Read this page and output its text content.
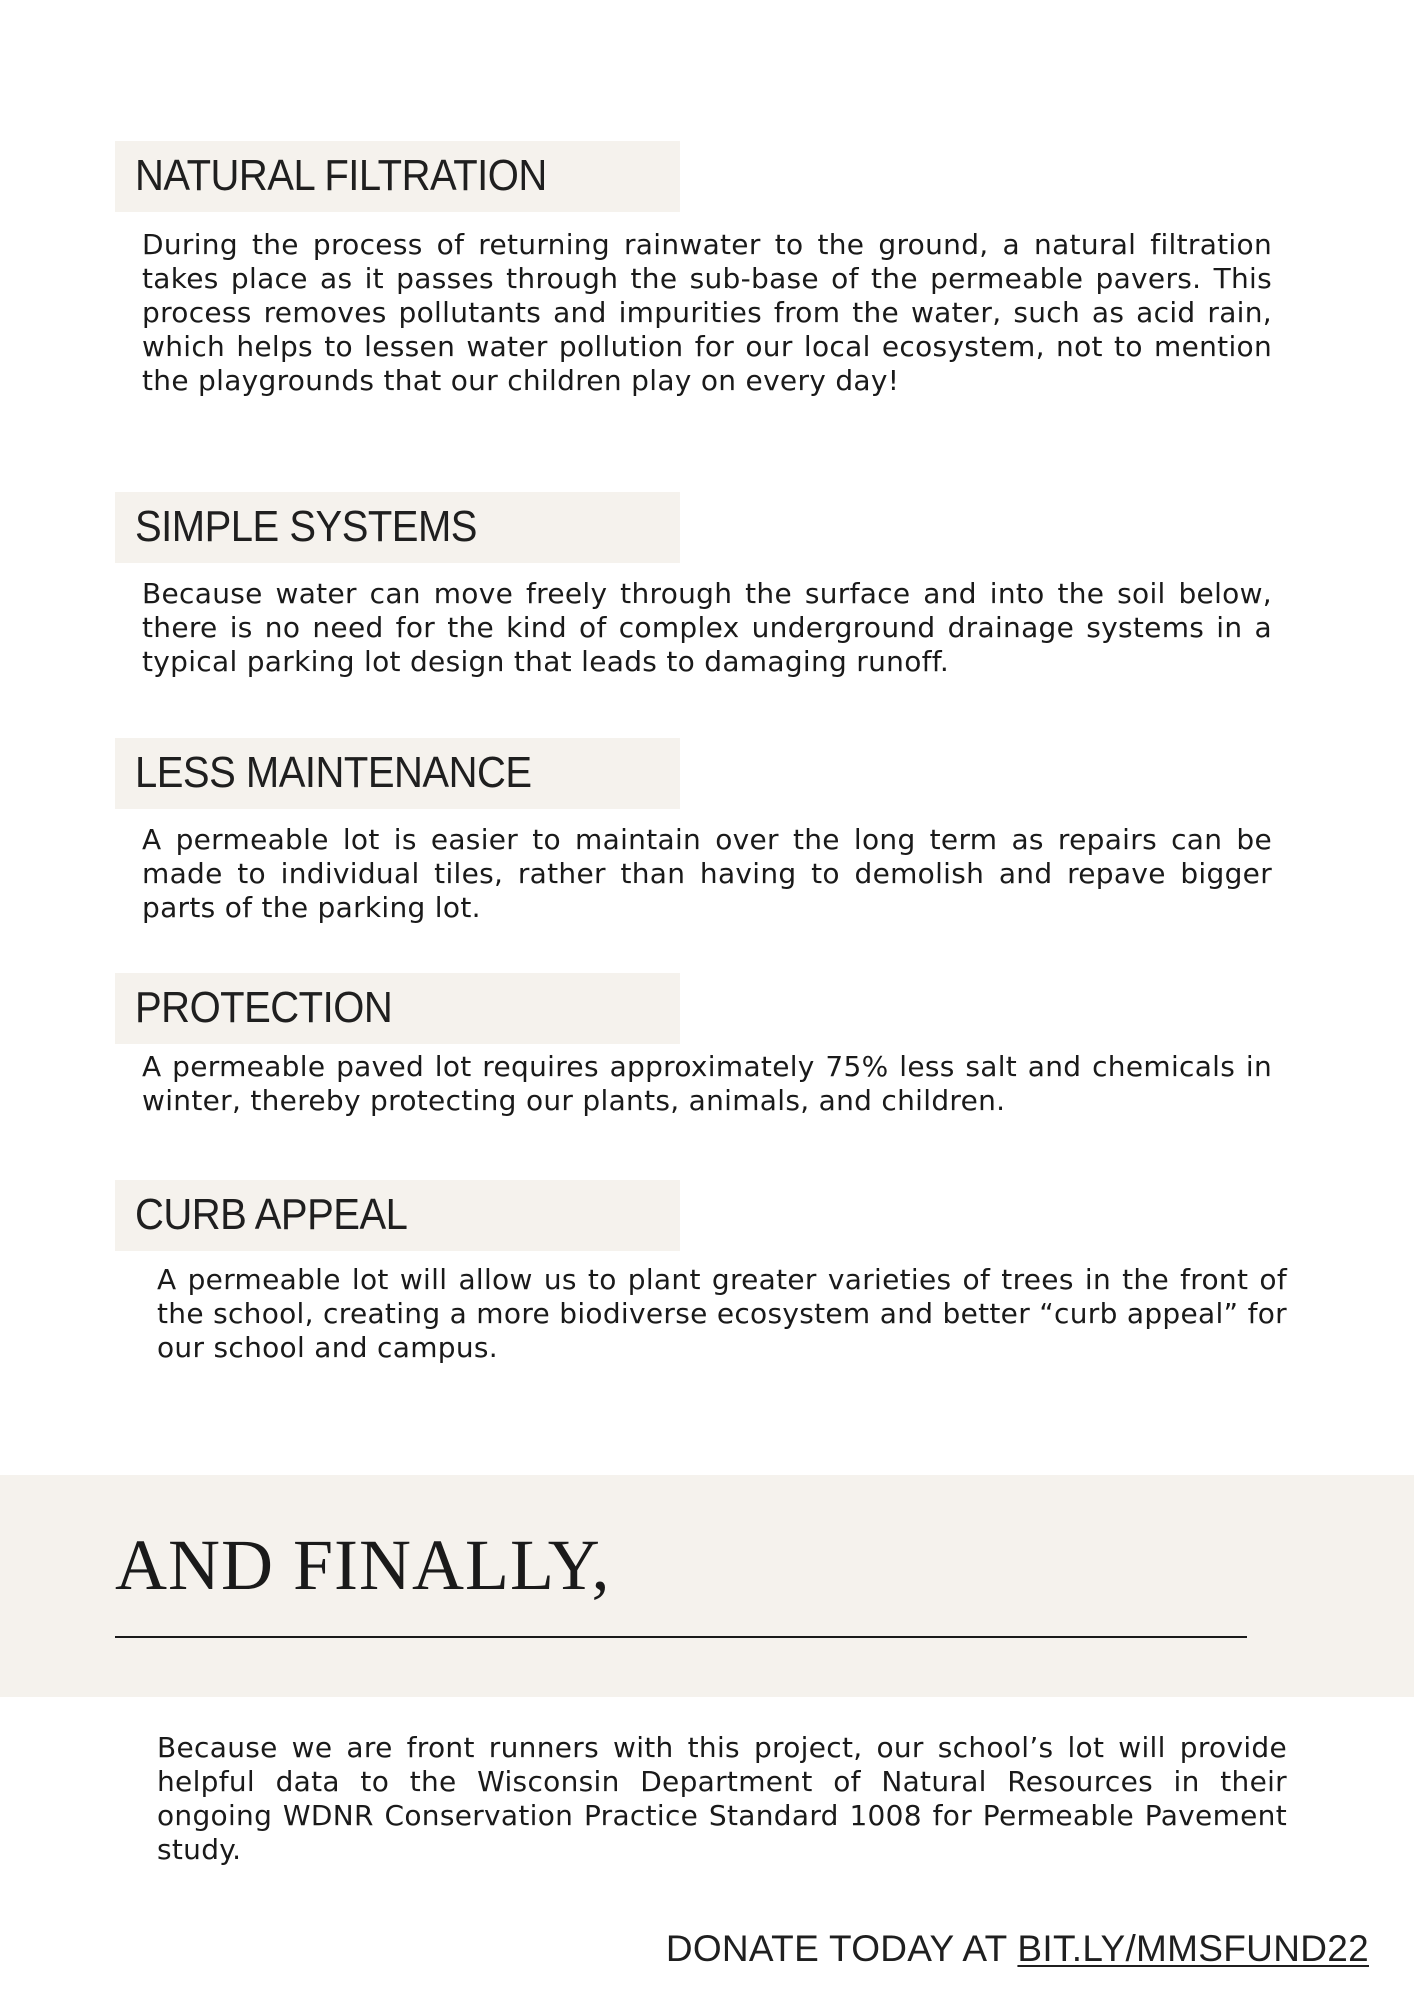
NATURAL FILTRATION

During the process of returning rainwater to the ground, a natural filtration takes place as it passes through the sub-base of the permeable pavers. This process removes pollutants and impurities from the water, such as acid rain, which helps to lessen water pollution for our local ecosystem, not to mention the playgrounds that our children play on every day!

SIMPLE SYSTEMS

Because water can move freely through the surface and into the soil below, there is no need for the kind of complex underground drainage systems in a typical parking lot design that leads to damaging runoff.

LESS MAINTENANCE

A permeable lot is easier to maintain over the long term as repairs can be made to individual tiles, rather than having to demolish and repave bigger parts of the parking lot.

PROTECTION

A permeable paved lot requires approximately 75% less salt and chemicals in winter, thereby protecting our plants, animals, and children.

CURB APPEAL

A permeable lot will allow us to plant greater varieties of trees in the front of the school, creating a more biodiverse ecosystem and better “curb appeal” for our school and campus.

AND FINALLY,

Because we are front runners with this project, our school’s lot will provide helpful data to the Wisconsin Department of Natural Resources in their ongoing WDNR Conservation Practice Standard 1008 for Permeable Pavement study.

DONATE TODAY AT BIT.LY/MMSFUND22
